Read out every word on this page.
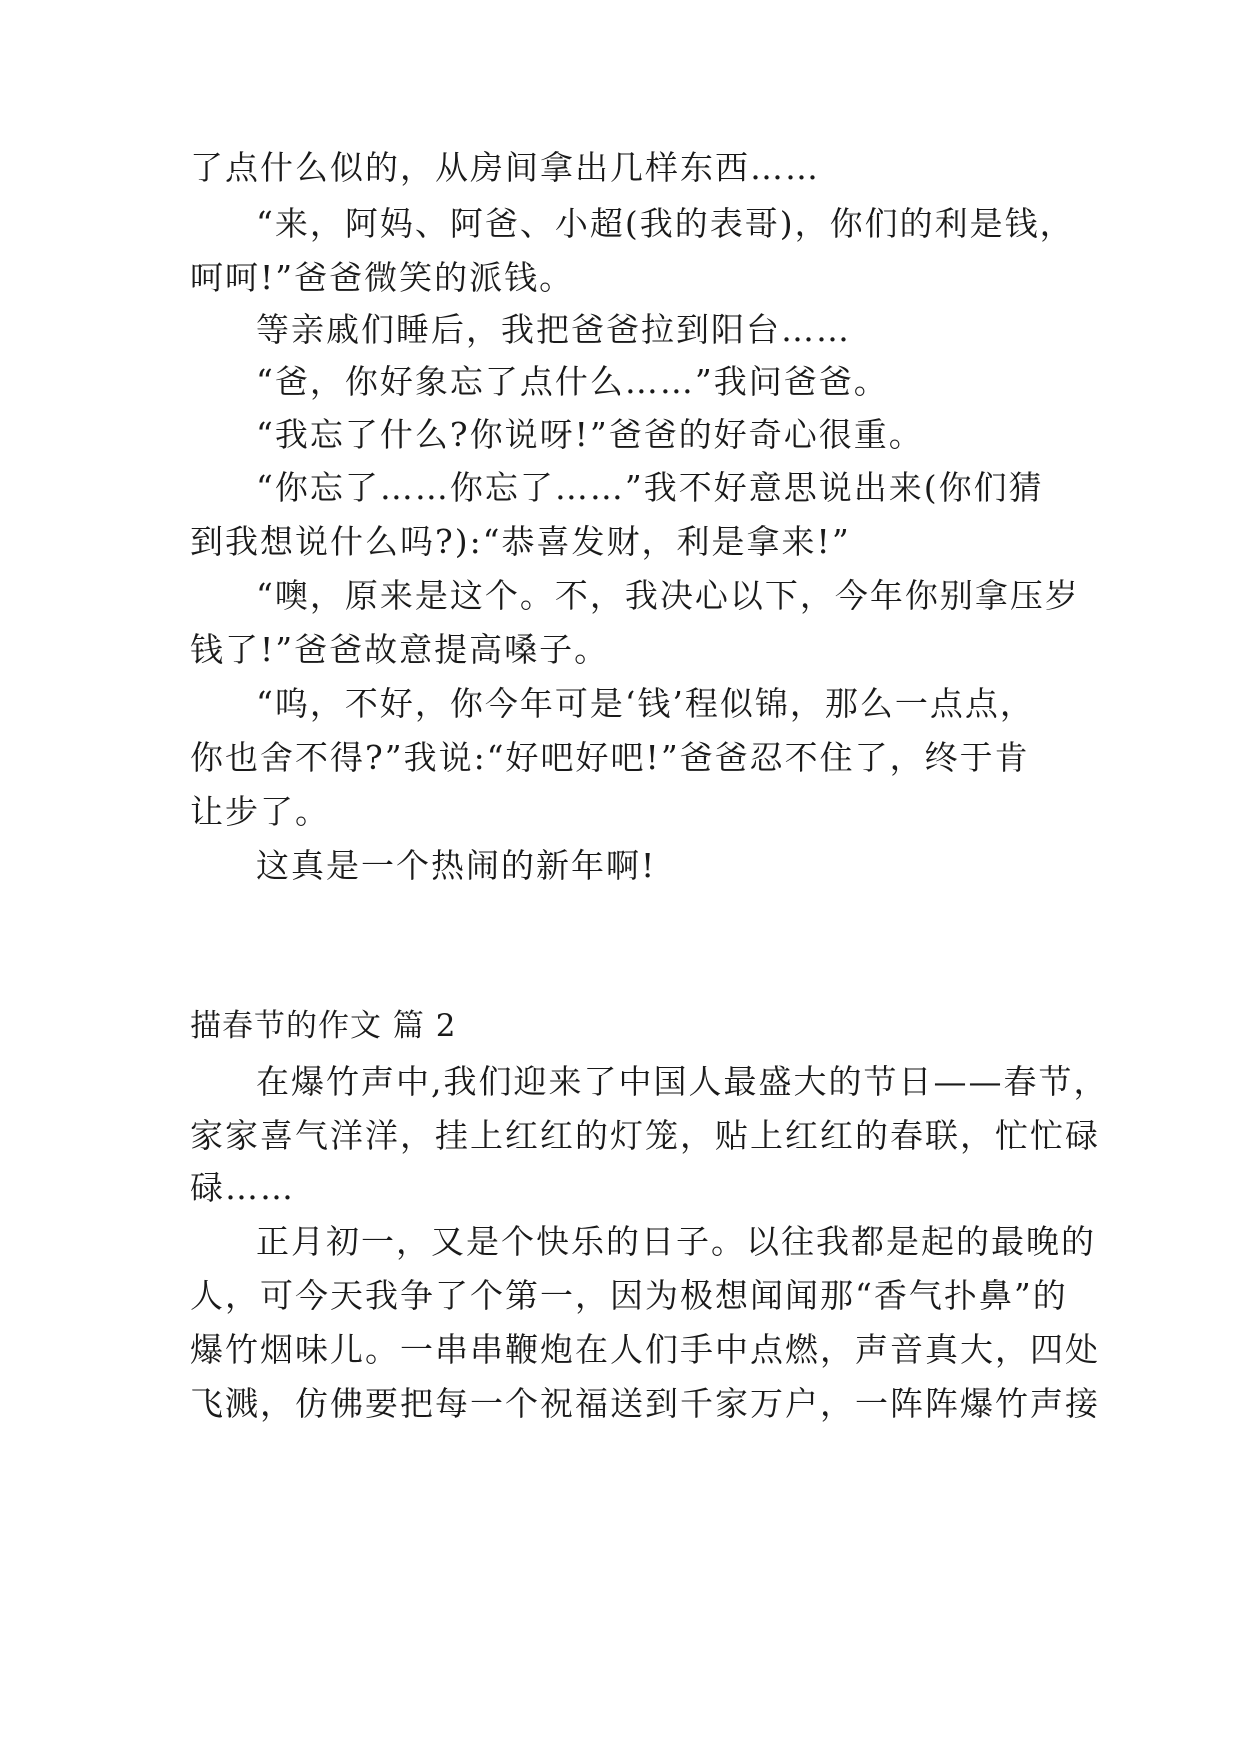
了点什么似的，从房间拿出几样东西……
“来，阿妈、阿爸、小超(我的表哥)，你们的利是钱，
呵呵!”爸爸微笑的派钱。
等亲戚们睡后，我把爸爸拉到阳台……
“爸，你好象忘了点什么……”我问爸爸。
“我忘了什么?你说呀!”爸爸的好奇心很重。
“你忘了……你忘了……”我不好意思说出来(你们猜
到我想说什么吗?):“恭喜发财，利是拿来!”
“噢，原来是这个。不，我决心以下，今年你别拿压岁
钱了!”爸爸故意提高嗓子。
“呜，不好，你今年可是‘钱’程似锦，那么一点点，
你也舍不得?”我说:“好吧好吧!”爸爸忍不住了，终于肯
让步了。
这真是一个热闹的新年啊!
描春节的作文 篇 2
在爆竹声中,我们迎来了中国人最盛大的节日——春节，
家家喜气洋洋，挂上红红的灯笼，贴上红红的春联，忙忙碌
碌……
正月初一，又是个快乐的日子。以往我都是起的最晚的
人，可今天我争了个第一，因为极想闻闻那“香气扑鼻”的
爆竹烟味儿。一串串鞭炮在人们手中点燃，声音真大，四处
飞溅，仿佛要把每一个祝福送到千家万户，一阵阵爆竹声接
